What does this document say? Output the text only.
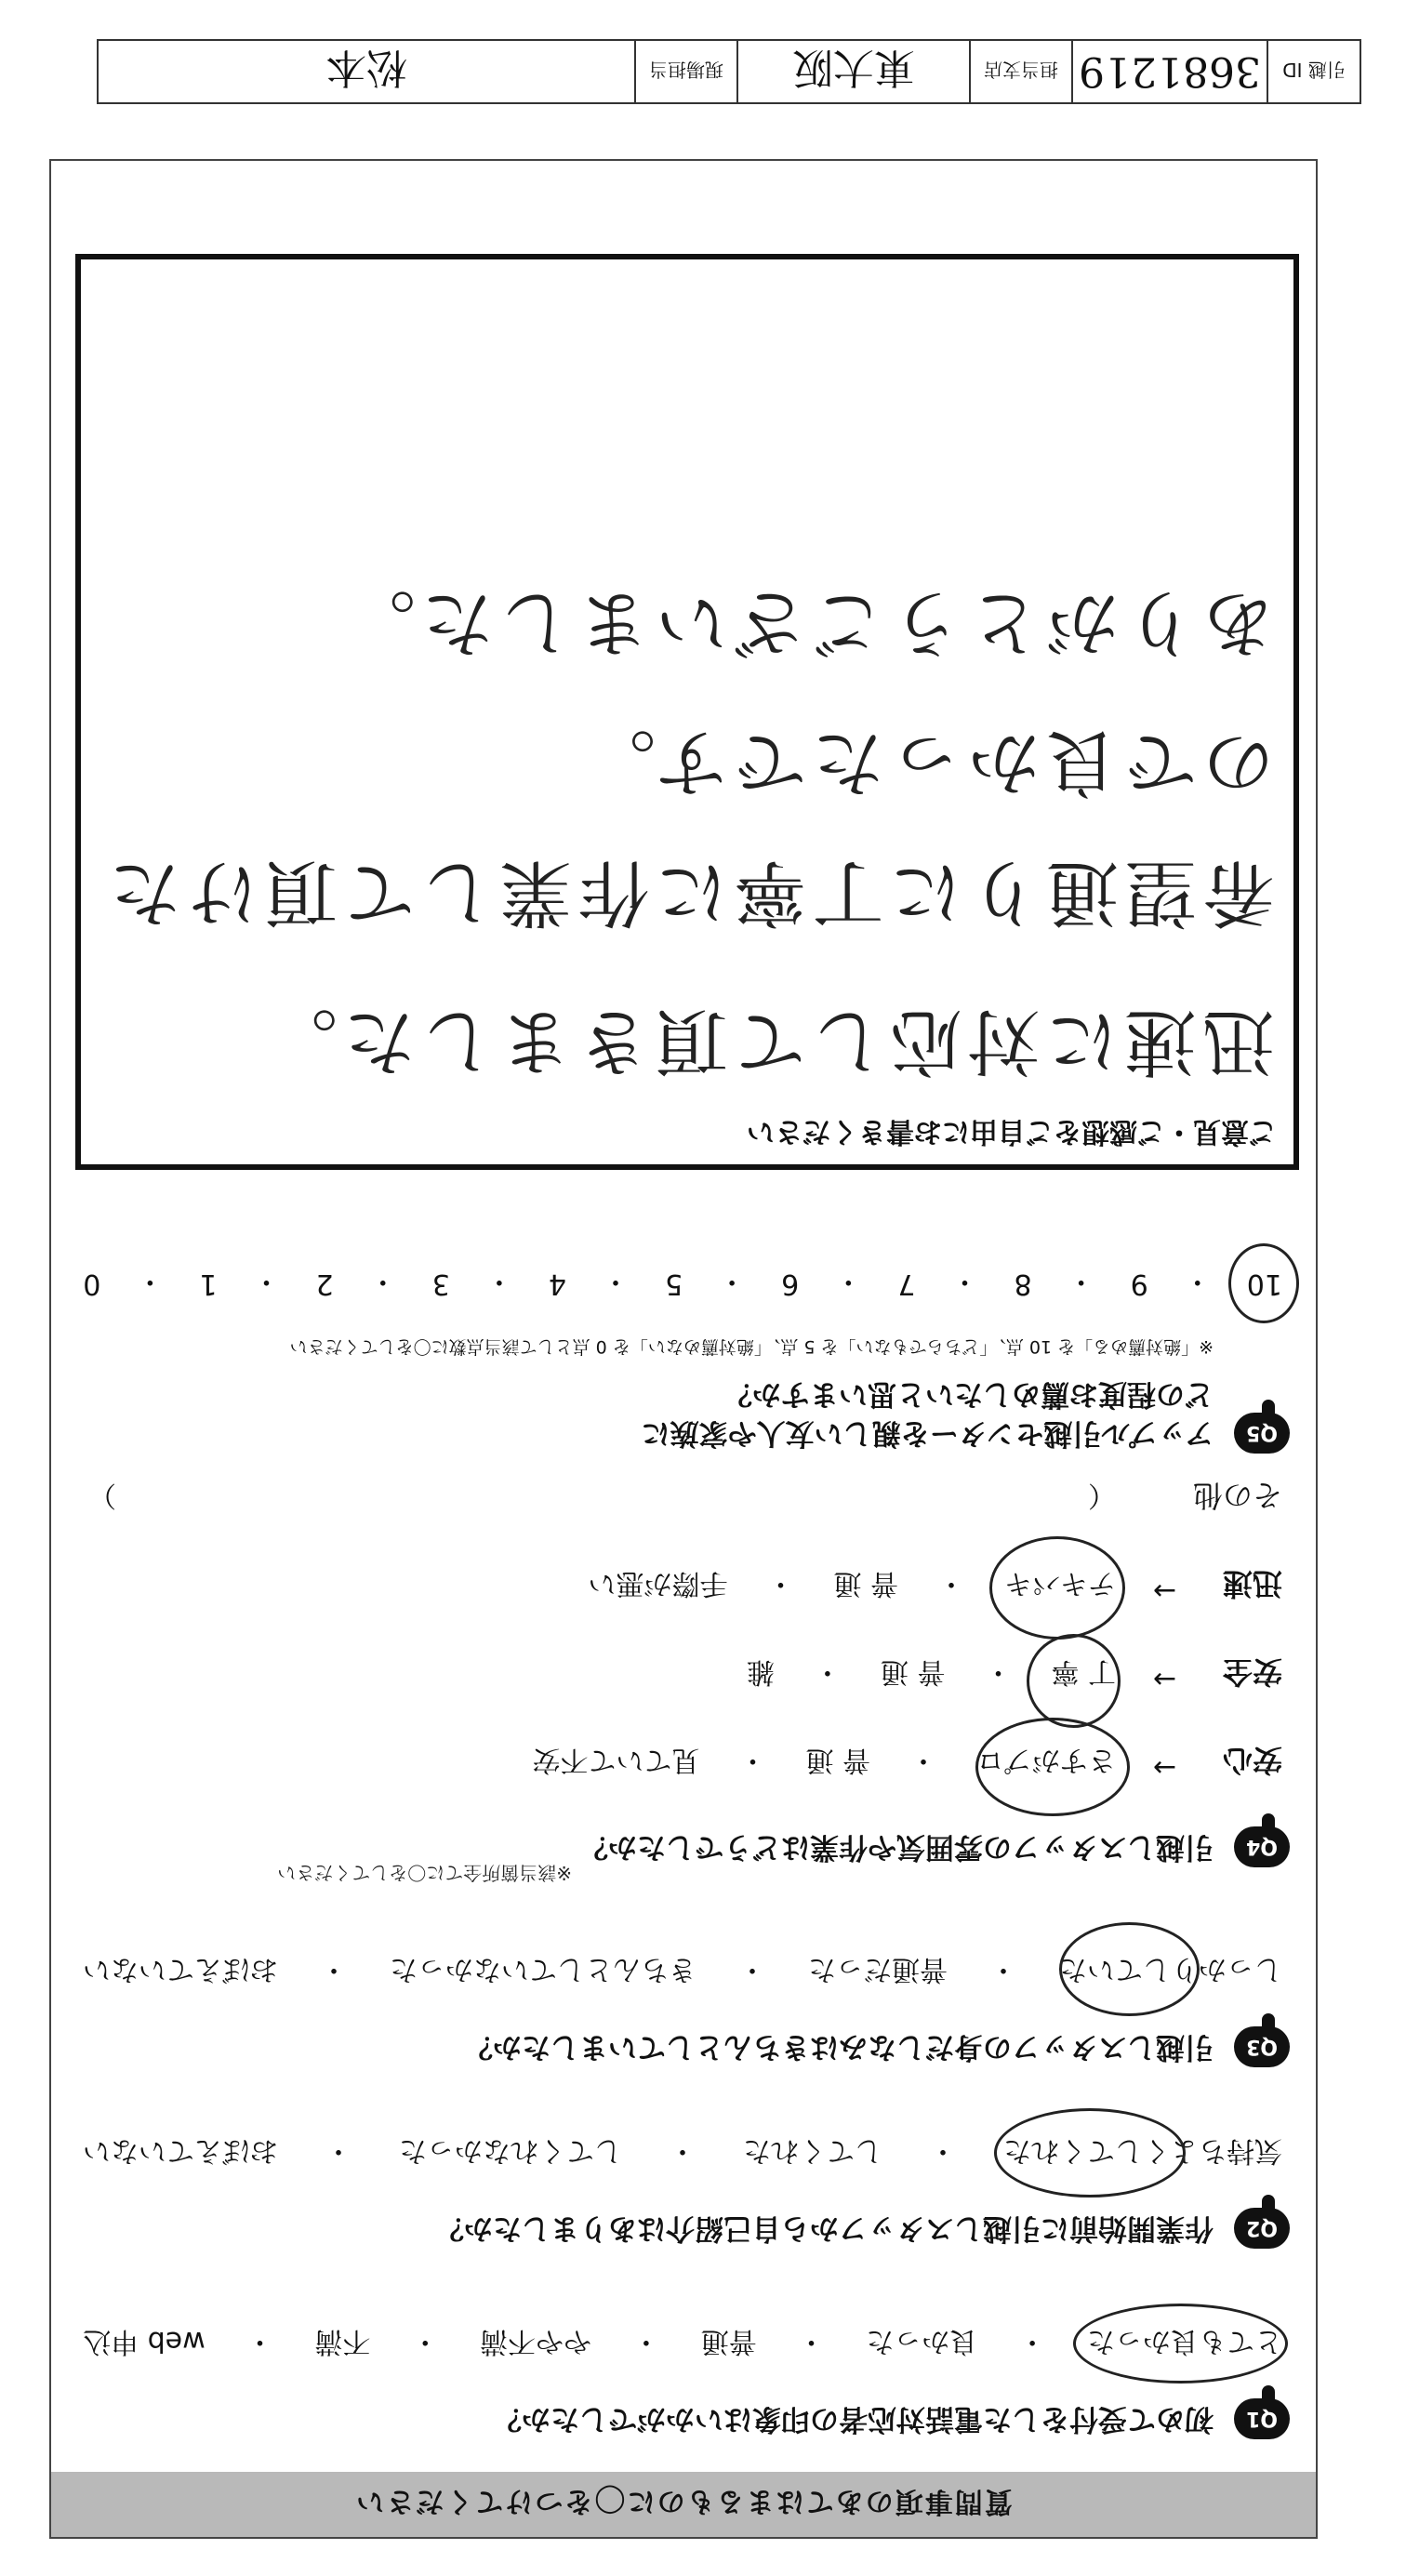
質問事項のあてはまるものに◯をつけてください
Q1
初めて受付をした電話対応者の印象はいかがでしたか？
とても良かった
・
良かった
・
普通
・
やや不満
・
不満
・
web 申込
Q2
作業開始前に引越しスタッフから自己紹介はありましたか？
気持ちよくしてくれた
・
してくれた
・
してくれなかった
・
おぼえていない
Q3
引越しスタッフの身だしなみはきちんとしていましたか？
しっかりしていた
・
普通だった
・
きちんとしていなかった
・
おぼえていない
Q4
引越しスタッフの雰囲気や作業はどうでしたか？
※該当箇所全てに〇をしてください
安心
→
さすがプロ
・
普 通
・
見ていて不安
安全
→
丁 寧
・
普 通
・
雑
迅速
→
テキパキ
・
普 通
・
手際が悪い
その他
（
）
Q5
アップル引越センターを親しい友人や家族に
どの程度お薦めしたいと思いますか？
※「絶対薦める」を 10 点、「どちらでもない」を 5 点、「絶対薦めない」を 0 点として該当点数に〇をしてください
10
・
9
・
8
・
7
・
6
・
5
・
4
・
3
・
2
・
1
・
0
ご意見・ご感想をご自由にお書きください
迅速に対応して頂きました。
希望通りに丁寧に作業して頂けた
ので良かったです。
ありがとうございました。
引越 ID
3681219
担当支店
東大阪
現場担当
松本
